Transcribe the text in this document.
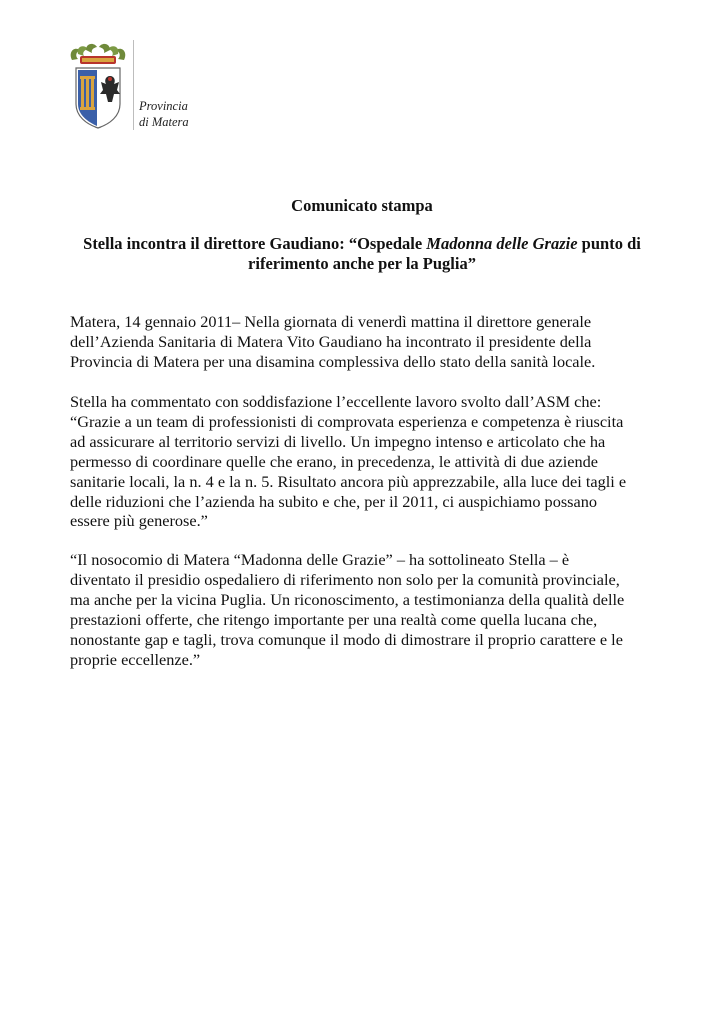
Provincia
di Matera
Comunicato stampa
Stella incontra il direttore Gaudiano: “Ospedale Madonna delle Grazie punto di
riferimento anche per la Puglia”
Matera, 14 gennaio 2011– Nella giornata di venerdì mattina il direttore generale
dell’Azienda Sanitaria di Matera Vito Gaudiano ha incontrato il presidente della
Provincia di Matera per una disamina complessiva dello stato della sanità locale.
Stella ha commentato con soddisfazione l’eccellente lavoro svolto dall’ASM che:
“Grazie a un team di professionisti di comprovata esperienza e competenza è riuscita
ad assicurare al territorio servizi di livello. Un impegno intenso e articolato che ha
permesso di coordinare quelle che erano, in precedenza, le attività di due aziende
sanitarie locali, la n. 4 e la n. 5. Risultato ancora più apprezzabile, alla luce dei tagli e
delle riduzioni che l’azienda ha subito e che, per il 2011, ci auspichiamo possano
essere più generose.”
“Il nosocomio di Matera “Madonna delle Grazie” – ha sottolineato Stella – è
diventato il presidio ospedaliero di riferimento non solo per la comunità provinciale,
ma anche per la vicina Puglia. Un riconoscimento, a testimonianza della qualità delle
prestazioni offerte, che ritengo importante per una realtà come quella lucana che,
nonostante gap e tagli, trova comunque il modo di dimostrare il proprio carattere e le
proprie eccellenze.”
